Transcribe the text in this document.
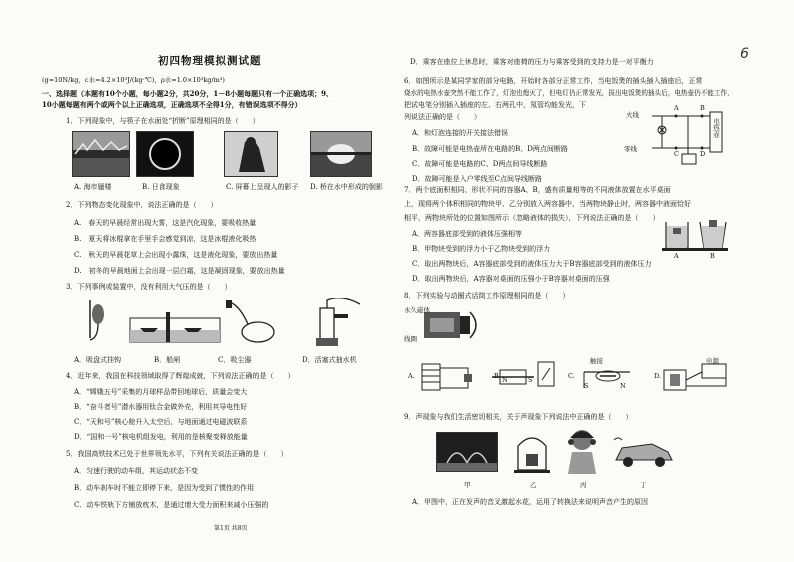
初四物理模拟测试题
(g=10N/kg，c水=4.2×10³J/(kg·℃)，ρ水=1.0×10³kg/m³)
一、选择题（本题有10个小题，每小题2分，共20分，1－8小题每题只有一个正确选项；9、
10小题每题有两个或两个以上正确选项，正确选项不全得1分，有错误选项不得分）
1．下列现象中，与筷子在水面处“折断”原理相同的是（　　）
A. 海市蜃楼	B. 日食现象	C. 屏幕上呈现人的影子 D. 桥在水中形成的倒影
2．下列物态变化现象中，说法正确的是（　　）
A.　春天的早晨经常出现大雾，这是汽化现象，要吸收热量
B.　夏天将冰棍拿在手里手会感觉到凉，这是冰棍液化吸热
C.　秋天的早晨花草上会出现小露珠，这是液化现象，要放出热量
D.　初冬的早晨地面上会出现一层白霜，这是凝固现象，要放出热量
3．下列事例或装置中，没有利用大气压的是（　　）
A．吸盘式挂钩	B．船闸	C．吸尘器	D．活塞式抽水机
4．近年来，我国在科技领域取得了辉煌成就，下列说法正确的是（　　）
A．“嫦娥五号”采集的月球样品带回地球后，质量会变大
B．“奋斗者号”潜水器用钛合金做外壳，利用其导电性好
C．“天和号”核心舱升入太空后，与地面通过电磁波联系
D．“国和一号”核电机组发电，利用的是核聚变释放能量
5．我国高铁技术已处于世界领先水平，下列有关说法正确的是（　　）
A．匀速行驶的动车组，其运动状态不变
B．动车刹车时不能立即停下来，是因为受到了惯性的作用
C．动车铁轨下方铺放枕木，是通过增大受力面积来减小压强的
第1页 共8页
6
D．乘客在座位上休息时，乘客对座椅的压力与乘客受到的支持力是一对平衡力
6．如图所示是某同学家的部分电路，开始时各部分正常工作，当电饭煲的插头插入插座后，正常
烧水的电热水壶突然不能工作了，灯泡也熄灭了，但电灯仍正常发光，拔出电饭煲的插头后，电热壶仍不能工作，
把试电笔分别插入插座的左、右两孔中，氖管均能发光，下
列说法正确的是（　　）
A．和灯泡连接的开关接法错误
B．故障可能是电热壶所在电路的B、D两点间断路
C．故障可能是电路的C、D两点间导线断路
D．故障可能是入户零线至C点间导线断路
火线
零线
电热壶
A	B
C	D
7．两个底面积相同、形状不同的容器A、B，盛有质量相等的不同液体放置在水平桌面
上，现将两个体积相同的物块甲、乙分别放入两容器中，当两物块静止时，两容器中液面恰好
相平，两物块所处的位置如图所示（忽略液体的损失），下列说法正确的是（　　）
A．两容器底部受到的液体压强相等
B．甲物块受到的浮力小于乙物块受到的浮力
C．取出两物块后，A容器底部受到的液体压力大于B容器底部受到的液体压力
D．取出两物块后，A容器对桌面的压强小于B容器对桌面的压强
A	B
8．下列实验与动圈式话筒工作原理相同的是（　　）
永久磁体
线圈
A.	B.	C.	D.
触接	电源
N	S
S	N
9．声现象与我们生活密切相关，关于声现象下列说法中正确的是（　　）
甲	乙	丙	丁
A．甲图中，正在发声的音叉激起水花，运用了转换法来说明声音产生的原因
